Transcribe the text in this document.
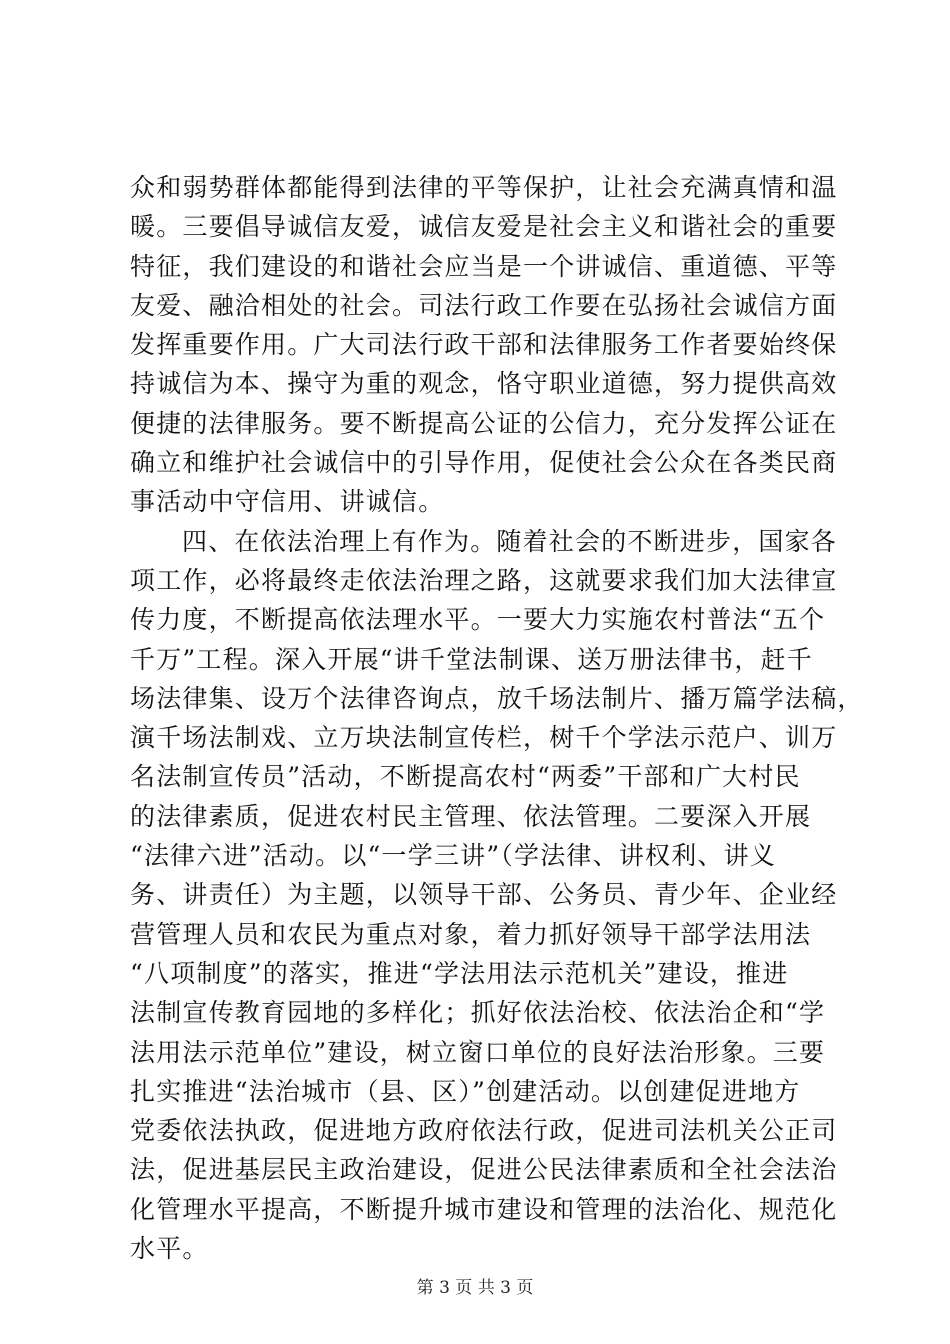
众和弱势群体都能得到法律的平等保护，让社会充满真情和温
暖。三要倡导诚信友爱，诚信友爱是社会主义和谐社会的重要
特征，我们建设的和谐社会应当是一个讲诚信、重道德、平等
友爱、融洽相处的社会。司法行政工作要在弘扬社会诚信方面
发挥重要作用。广大司法行政干部和法律服务工作者要始终保
持诚信为本、操守为重的观念，恪守职业道德，努力提供高效
便捷的法律服务。要不断提高公证的公信力，充分发挥公证在
确立和维护社会诚信中的引导作用，促使社会公众在各类民商
事活动中守信用、讲诚信。
四、在依法治理上有作为。随着社会的不断进步，国家各
项工作，必将最终走依法治理之路，这就要求我们加大法律宣
传力度，不断提高依法理水平。一要大力实施农村普法“五个
千万”工程。深入开展“讲千堂法制课、送万册法律书，赶千
场法律集、设万个法律咨询点，放千场法制片、播万篇学法稿，
演千场法制戏、立万块法制宣传栏，树千个学法示范户、训万
名法制宣传员”活动，不断提高农村“两委”干部和广大村民
的法律素质，促进农村民主管理、依法管理。二要深入开展
“法律六进”活动。以“一学三讲”（学法律、讲权利、讲义
务、讲责任）为主题，以领导干部、公务员、青少年、企业经
营管理人员和农民为重点对象，着力抓好领导干部学法用法
“八项制度”的落实，推进“学法用法示范机关”建设，推进
法制宣传教育园地的多样化；抓好依法治校、依法治企和“学
法用法示范单位”建设，树立窗口单位的良好法治形象。三要
扎实推进“法治城市（县、区）”创建活动。以创建促进地方
党委依法执政，促进地方政府依法行政，促进司法机关公正司
法，促进基层民主政治建设，促进公民法律素质和全社会法治
化管理水平提高，不断提升城市建设和管理的法治化、规范化
水平。
第 3 页 共 3 页
